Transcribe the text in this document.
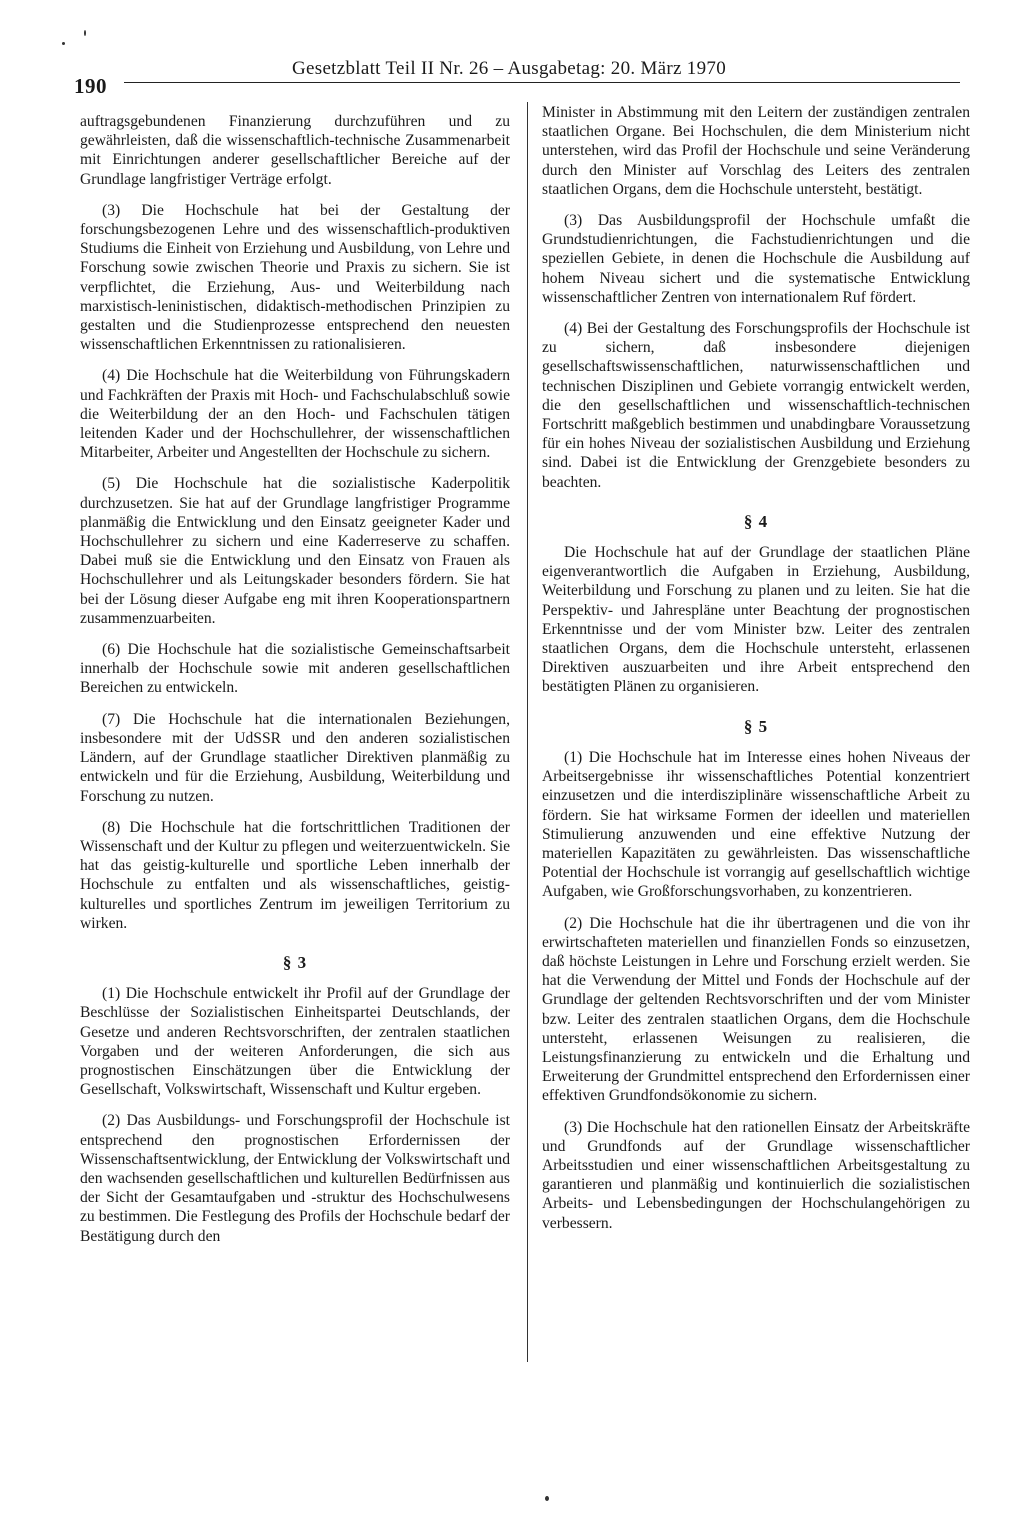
190
Gesetzblatt Teil II Nr. 26 – Ausgabetag: 20. März 1970

auftragsgebundenen Finanzierung durchzuführen und zu gewährleisten, daß die wissenschaftlich-technische Zusammenarbeit mit Einrichtungen anderer gesellschaftlicher Bereiche auf der Grundlage langfristiger Verträge erfolgt.

(3) Die Hochschule hat bei der Gestaltung der forschungsbezogenen Lehre und des wissenschaftlich-produktiven Studiums die Einheit von Erziehung und Ausbildung, von Lehre und Forschung sowie zwischen Theorie und Praxis zu sichern. Sie ist verpflichtet, die Erziehung, Aus- und Weiterbildung nach marxistisch-leninistischen, didaktisch-methodischen Prinzipien zu gestalten und die Studienprozesse entsprechend den neuesten wissenschaftlichen Erkenntnissen zu rationalisieren.

(4) Die Hochschule hat die Weiterbildung von Führungskadern und Fachkräften der Praxis mit Hoch- und Fachschulabschluß sowie die Weiterbildung der an den Hoch- und Fachschulen tätigen leitenden Kader und der Hochschullehrer, der wissenschaftlichen Mitarbeiter, Arbeiter und Angestellten der Hochschule zu sichern.

(5) Die Hochschule hat die sozialistische Kaderpolitik durchzusetzen. Sie hat auf der Grundlage langfristiger Programme planmäßig die Entwicklung und den Einsatz geeigneter Kader und Hochschullehrer zu sichern und eine Kaderreserve zu schaffen. Dabei muß sie die Entwicklung und den Einsatz von Frauen als Hochschullehrer und als Leitungskader besonders fördern. Sie hat bei der Lösung dieser Aufgabe eng mit ihren Kooperationspartnern zusammenzuarbeiten.

(6) Die Hochschule hat die sozialistische Gemeinschaftsarbeit innerhalb der Hochschule sowie mit anderen gesellschaftlichen Bereichen zu entwickeln.

(7) Die Hochschule hat die internationalen Beziehungen, insbesondere mit der UdSSR und den anderen sozialistischen Ländern, auf der Grundlage staatlicher Direktiven planmäßig zu entwickeln und für die Erziehung, Ausbildung, Weiterbildung und Forschung zu nutzen.

(8) Die Hochschule hat die fortschrittlichen Traditionen der Wissenschaft und der Kultur zu pflegen und weiterzuentwickeln. Sie hat das geistig-kulturelle und sportliche Leben innerhalb der Hochschule zu entfalten und als wissenschaftliches, geistig-kulturelles und sportliches Zentrum im jeweiligen Territorium zu wirken.

§ 3

(1) Die Hochschule entwickelt ihr Profil auf der Grundlage der Beschlüsse der Sozialistischen Einheitspartei Deutschlands, der Gesetze und anderen Rechtsvorschriften, der zentralen staatlichen Vorgaben und der weiteren Anforderungen, die sich aus prognostischen Einschätzungen über die Entwicklung der Gesellschaft, Volkswirtschaft, Wissenschaft und Kultur ergeben.

(2) Das Ausbildungs- und Forschungsprofil der Hochschule ist entsprechend den prognostischen Erfordernissen der Wissenschaftsentwicklung, der Entwicklung der Volkswirtschaft und den wachsenden gesellschaftlichen und kulturellen Bedürfnissen aus der Sicht der Gesamtaufgaben und -struktur des Hochschulwesens zu bestimmen. Die Festlegung des Profils der Hochschule bedarf der Bestätigung durch den

Minister in Abstimmung mit den Leitern der zuständigen zentralen staatlichen Organe. Bei Hochschulen, die dem Ministerium nicht unterstehen, wird das Profil der Hochschule und seine Veränderung durch den Minister auf Vorschlag des Leiters des zentralen staatlichen Organs, dem die Hochschule untersteht, bestätigt.

(3) Das Ausbildungsprofil der Hochschule umfaßt die Grundstudienrichtungen, die Fachstudienrichtungen und die speziellen Gebiete, in denen die Hochschule die Ausbildung auf hohem Niveau sichert und die systematische Entwicklung wissenschaftlicher Zentren von internationalem Ruf fördert.

(4) Bei der Gestaltung des Forschungsprofils der Hochschule ist zu sichern, daß insbesondere diejenigen gesellschaftswissenschaftlichen, naturwissenschaftlichen und technischen Disziplinen und Gebiete vorrangig entwickelt werden, die den gesellschaftlichen und wissenschaftlich-technischen Fortschritt maßgeblich bestimmen und unabdingbare Voraussetzung für ein hohes Niveau der sozialistischen Ausbildung und Erziehung sind. Dabei ist die Entwicklung der Grenzgebiete besonders zu beachten.

§ 4

Die Hochschule hat auf der Grundlage der staatlichen Pläne eigenverantwortlich die Aufgaben in Erziehung, Ausbildung, Weiterbildung und Forschung zu planen und zu leiten. Sie hat die Perspektiv- und Jahrespläne unter Beachtung der prognostischen Erkenntnisse und der vom Minister bzw. Leiter des zentralen staatlichen Organs, dem die Hochschule untersteht, erlassenen Direktiven auszuarbeiten und ihre Arbeit entsprechend den bestätigten Plänen zu organisieren.

§ 5

(1) Die Hochschule hat im Interesse eines hohen Niveaus der Arbeitsergebnisse ihr wissenschaftliches Potential konzentriert einzusetzen und die interdisziplinäre wissenschaftliche Arbeit zu fördern. Sie hat wirksame Formen der ideellen und materiellen Stimulierung anzuwenden und eine effektive Nutzung der materiellen Kapazitäten zu gewährleisten. Das wissenschaftliche Potential der Hochschule ist vorrangig auf gesellschaftlich wichtige Aufgaben, wie Großforschungsvorhaben, zu konzentrieren.

(2) Die Hochschule hat die ihr übertragenen und die von ihr erwirtschafteten materiellen und finanziellen Fonds so einzusetzen, daß höchste Leistungen in Lehre und Forschung erzielt werden. Sie hat die Verwendung der Mittel und Fonds der Hochschule auf der Grundlage der geltenden Rechtsvorschriften und der vom Minister bzw. Leiter des zentralen staatlichen Organs, dem die Hochschule untersteht, erlassenen Weisungen zu realisieren, die Leistungsfinanzierung zu entwickeln und die Erhaltung und Erweiterung der Grundmittel entsprechend den Erfordernissen einer effektiven Grundfondsökonomie zu sichern.

(3) Die Hochschule hat den rationellen Einsatz der Arbeitskräfte und Grundfonds auf der Grundlage wissenschaftlicher Arbeitsstudien und einer wissenschaftlichen Arbeitsgestaltung zu garantieren und planmäßig und kontinuierlich die sozialistischen Arbeits- und Lebensbedingungen der Hochschulangehörigen zu verbessern.
